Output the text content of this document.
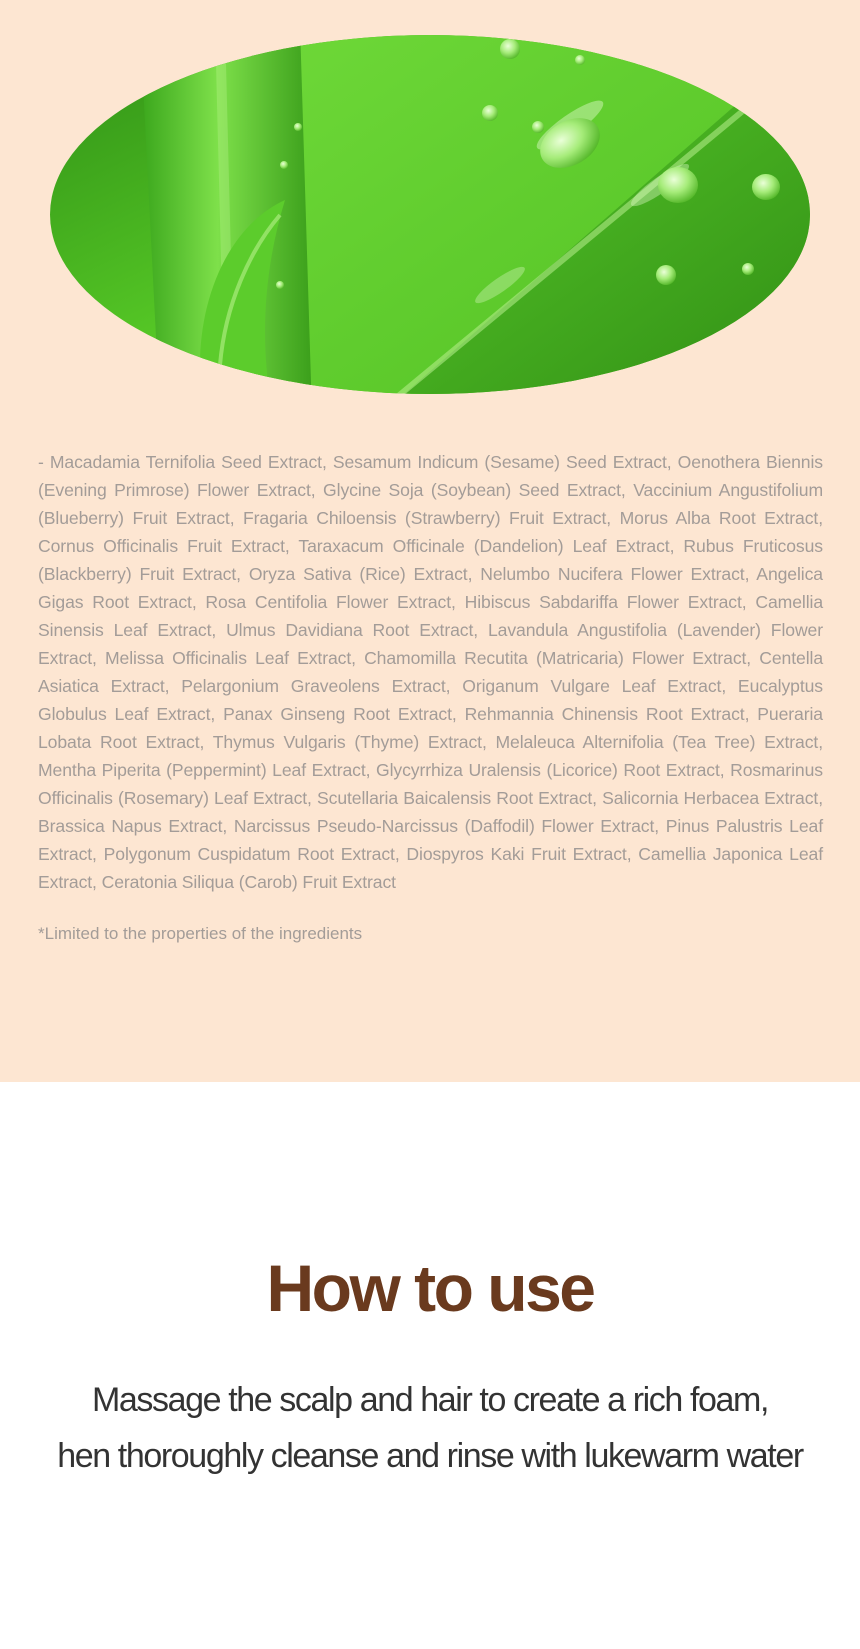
- Macadamia Ternifolia Seed Extract, Sesamum Indicum (Sesame) Seed Extract, Oenothera Biennis (Evening Primrose) Flower Extract, Glycine Soja (Soybean) Seed Extract, Vaccinium Angustifolium (Blueberry) Fruit Extract, Fragaria Chiloensis (Strawberry) Fruit Extract, Morus Alba Root Extract, Cornus Officinalis Fruit Extract, Taraxacum Officinale (Dandelion) Leaf Extract, Rubus Fruticosus (Blackberry) Fruit Extract, Oryza Sativa (Rice) Extract, Nelumbo Nucifera Flower Extract, Angelica Gigas Root Extract, Rosa Centifolia Flower Extract, Hibiscus Sabdariffa Flower Extract, Camellia Sinensis Leaf Extract, Ulmus Davidiana Root Extract, Lavandula Angustifolia (Lavender) Flower Extract, Melissa Officinalis Leaf Extract, Chamomilla Recutita (Matricaria) Flower Extract, Centella Asiatica Extract, Pelargonium Graveolens Extract, Origanum Vulgare Leaf Extract, Eucalyptus Globulus Leaf Extract, Panax Ginseng Root Extract, Rehmannia Chinensis Root Extract, Pueraria Lobata Root Extract, Thymus Vulgaris (Thyme) Extract, Melaleuca Alternifolia (Tea Tree) Extract, Mentha Piperita (Peppermint) Leaf Extract, Glycyrrhiza Uralensis (Licorice) Root Extract, Rosmarinus Officinalis (Rosemary) Leaf Extract, Scutellaria Baicalensis Root Extract, Salicornia Herbacea Extract, Brassica Napus Extract, Narcissus Pseudo-Narcissus (Daffodil) Flower Extract, Pinus Palustris Leaf Extract, Polygonum Cuspidatum Root Extract, Diospyros Kaki Fruit Extract, Camellia Japonica Leaf Extract, Ceratonia Siliqua (Carob) Fruit Extract

*Limited to the properties of the ingredients

How to use
Massage the scalp and hair to create a rich foam,
hen thoroughly cleanse and rinse with lukewarm water
